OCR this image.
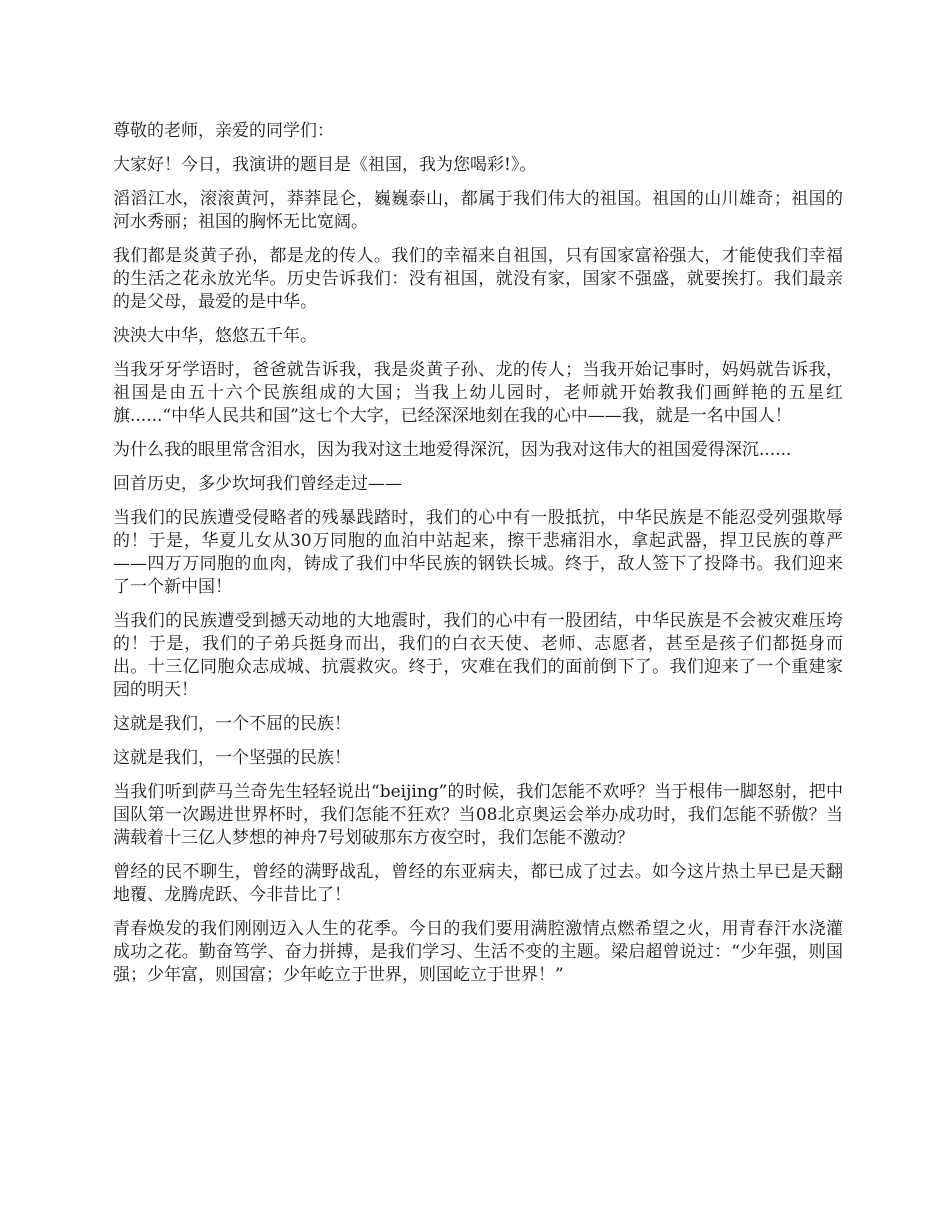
尊敬的老师，亲爱的同学们：

大家好！今日，我演讲的题目是《祖国，我为您喝彩!》。

滔滔江水，滚滚黄河，莽莽昆仑，巍巍泰山，都属于我们伟大的祖国。祖国的山川雄奇；祖国的河水秀丽；祖国的胸怀无比宽阔。

我们都是炎黄子孙，都是龙的传人。我们的幸福来自祖国，只有国家富裕强大，才能使我们幸福的生活之花永放光华。历史告诉我们：没有祖国，就没有家，国家不强盛，就要挨打。我们最亲的是父母，最爱的是中华。

泱泱大中华，悠悠五千年。

当我牙牙学语时，爸爸就告诉我，我是炎黄子孙、龙的传人；当我开始记事时，妈妈就告诉我，祖国是由五十六个民族组成的大国；当我上幼儿园时，老师就开始教我们画鲜艳的五星红旗......“中华人民共和国”这七个大字，已经深深地刻在我的心中——我，就是一名中国人！

为什么我的眼里常含泪水，因为我对这土地爱得深沉，因为我对这伟大的祖国爱得深沉......

回首历史，多少坎坷我们曾经走过——

当我们的民族遭受侵略者的残暴践踏时，我们的心中有一股抵抗，中华民族是不能忍受列强欺辱的！于是，华夏儿女从30万同胞的血泊中站起来，擦干悲痛泪水，拿起武器，捍卫民族的尊严——四万万同胞的血肉，铸成了我们中华民族的钢铁长城。终于，敌人签下了投降书。我们迎来了一个新中国！

当我们的民族遭受到撼天动地的大地震时，我们的心中有一股团结，中华民族是不会被灾难压垮的！于是，我们的子弟兵挺身而出，我们的白衣天使、老师、志愿者，甚至是孩子们都挺身而出。十三亿同胞众志成城、抗震救灾。终于，灾难在我们的面前倒下了。我们迎来了一个重建家园的明天！

这就是我们，一个不屈的民族！

这就是我们，一个坚强的民族！

当我们听到萨马兰奇先生轻轻说出“beijing”的时候，我们怎能不欢呼？当于根伟一脚怒射，把中国队第一次踢进世界杯时，我们怎能不狂欢？当08北京奥运会举办成功时，我们怎能不骄傲？当满载着十三亿人梦想的神舟7号划破那东方夜空时，我们怎能不激动？

曾经的民不聊生，曾经的满野战乱，曾经的东亚病夫，都已成了过去。如今这片热土早已是天翻地覆、龙腾虎跃、今非昔比了！

青春焕发的我们刚刚迈入人生的花季。今日的我们要用满腔激情点燃希望之火，用青春汗水浇灌成功之花。勤奋笃学、奋力拼搏，是我们学习、生活不变的主题。梁启超曾说过：“少年强，则国强；少年富，则国富；少年屹立于世界，则国屹立于世界！”
